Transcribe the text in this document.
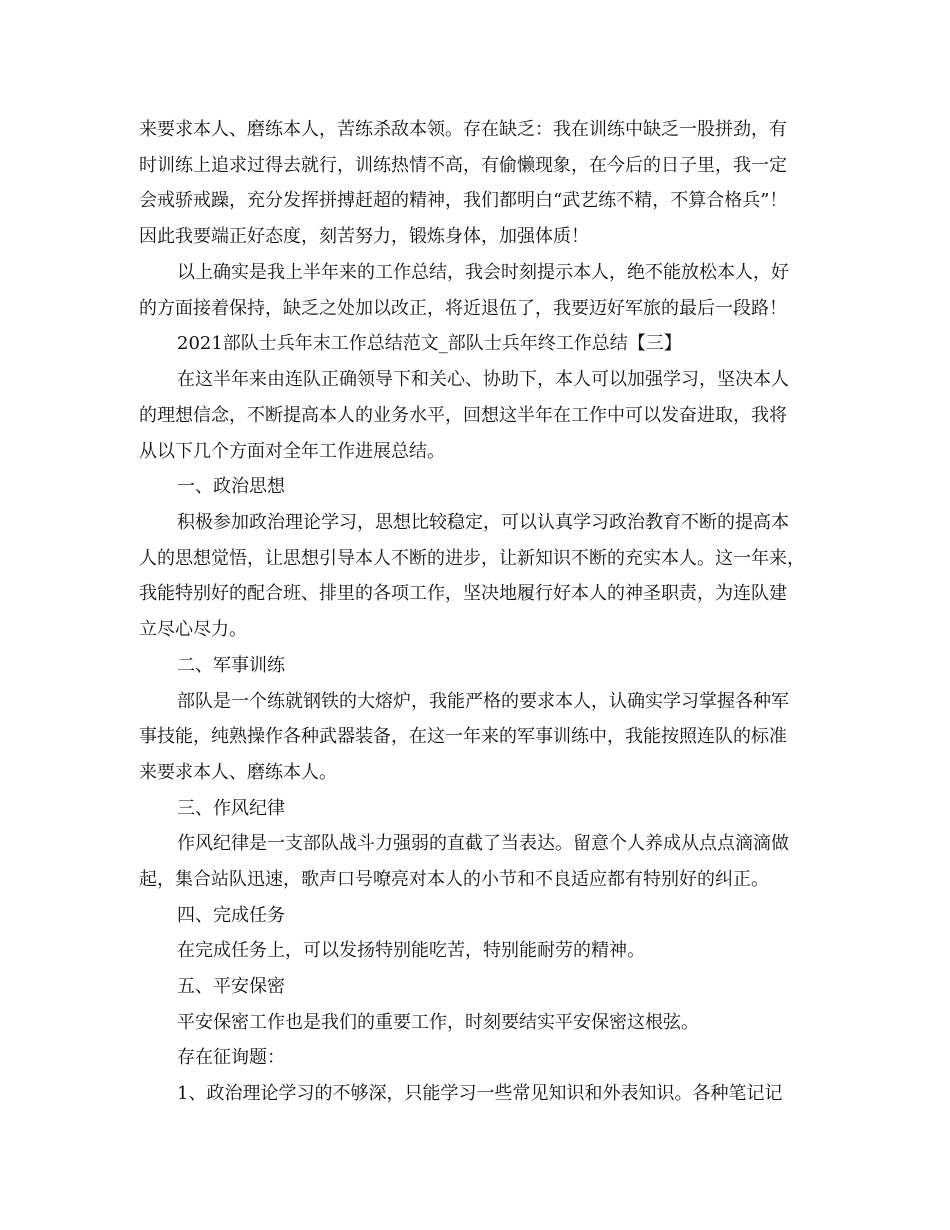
来要求本人、磨练本人，苦练杀敌本领。存在缺乏：我在训练中缺乏一股拼劲，有
时训练上追求过得去就行，训练热情不高，有偷懒现象，在今后的日子里，我一定
会戒骄戒躁，充分发挥拼搏赶超的精神，我们都明白“武艺练不精，不算合格兵”！
因此我要端正好态度，刻苦努力，锻炼身体，加强体质！
以上确实是我上半年来的工作总结，我会时刻提示本人，绝不能放松本人，好
的方面接着保持，缺乏之处加以改正，将近退伍了，我要迈好军旅的最后一段路！
2021部队士兵年末工作总结范文_部队士兵年终工作总结【三】
在这半年来由连队正确领导下和关心、协助下，本人可以加强学习，坚决本人
的理想信念，不断提高本人的业务水平，回想这半年在工作中可以发奋进取，我将
从以下几个方面对全年工作进展总结。
一、政治思想
积极参加政治理论学习，思想比较稳定，可以认真学习政治教育不断的提高本
人的思想觉悟，让思想引导本人不断的进步，让新知识不断的充实本人。这一年来，
我能特别好的配合班、排里的各项工作，坚决地履行好本人的神圣职责，为连队建
立尽心尽力。
二、军事训练
部队是一个练就钢铁的大熔炉，我能严格的要求本人，认确实学习掌握各种军
事技能，纯熟操作各种武器装备，在这一年来的军事训练中，我能按照连队的标准
来要求本人、磨练本人。
三、作风纪律
作风纪律是一支部队战斗力强弱的直截了当表达。留意个人养成从点点滴滴做
起，集合站队迅速，歌声口号嘹亮对本人的小节和不良适应都有特别好的纠正。
四、完成任务
在完成任务上，可以发扬特别能吃苦，特别能耐劳的精神。
五、平安保密
平安保密工作也是我们的重要工作，时刻要结实平安保密这根弦。
存在征询题：
1、政治理论学习的不够深，只能学习一些常见知识和外表知识。各种笔记记
